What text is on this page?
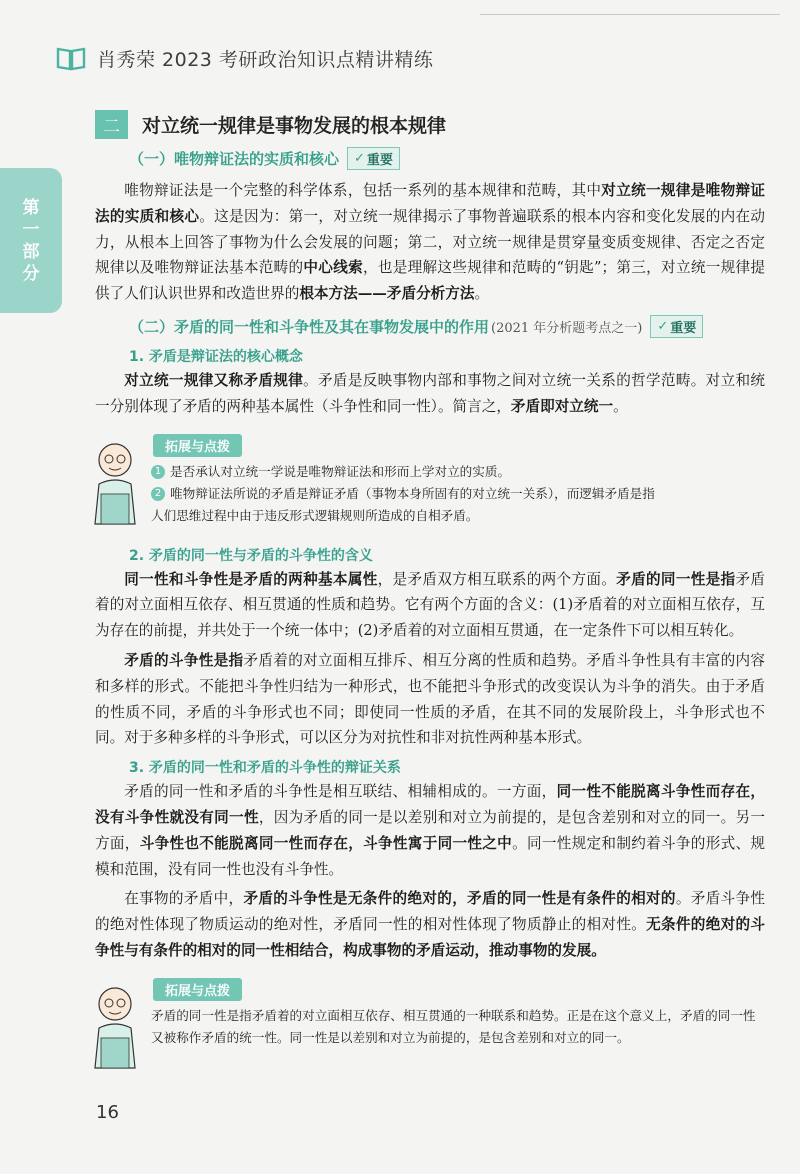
肖秀荣 2023 考研政治知识点精讲精练
第
一
部
分
二	对立统一规律是事物发展的根本规律
（一）唯物辩证法的实质和核心 ✓ 重要

唯物辩证法是一个完整的科学体系，包括一系列的基本规律和范畴，其中对立统一规律是唯物辩证法的实质和核心。这是因为：第一，对立统一规律揭示了事物普遍联系的根本内容和变化发展的内在动力，从根本上回答了事物为什么会发展的问题；第二，对立统一规律是贯穿量变质变规律、否定之否定规律以及唯物辩证法基本范畴的中心线索，也是理解这些规律和范畴的“钥匙”；第三，对立统一规律提供了人们认识世界和改造世界的根本方法——矛盾分析方法。

（二）矛盾的同一性和斗争性及其在事物发展中的作用 (2021 年分析题考点之一) ✓ 重要
1. 矛盾是辩证法的核心概念

对立统一规律又称矛盾规律。矛盾是反映事物内部和事物之间对立统一关系的哲学范畴。对立和统一分别体现了矛盾的两种基本属性（斗争性和同一性）。简言之，矛盾即对立统一。

拓展与点拨
1 是否承认对立统一学说是唯物辩证法和形而上学对立的实质。
2 唯物辩证法所说的矛盾是辩证矛盾（事物本身所固有的对立统一关系），而逻辑矛盾是指
人们思维过程中由于违反形式逻辑规则所造成的自相矛盾。
2. 矛盾的同一性与矛盾的斗争性的含义

同一性和斗争性是矛盾的两种基本属性，是矛盾双方相互联系的两个方面。矛盾的同一性是指矛盾着的对立面相互依存、相互贯通的性质和趋势。它有两个方面的含义：(1)矛盾着的对立面相互依存，互为存在的前提，并共处于一个统一体中；(2)矛盾着的对立面相互贯通，在一定条件下可以相互转化。

矛盾的斗争性是指矛盾着的对立面相互排斥、相互分离的性质和趋势。矛盾斗争性具有丰富的内容和多样的形式。不能把斗争性归结为一种形式，也不能把斗争形式的改变误认为斗争的消失。由于矛盾的性质不同，矛盾的斗争形式也不同；即使同一性质的矛盾，在其不同的发展阶段上，斗争形式也不同。对于多种多样的斗争形式，可以区分为对抗性和非对抗性两种基本形式。

3. 矛盾的同一性和矛盾的斗争性的辩证关系

矛盾的同一性和矛盾的斗争性是相互联结、相辅相成的。一方面，同一性不能脱离斗争性而存在，没有斗争性就没有同一性，因为矛盾的同一是以差别和对立为前提的，是包含差别和对立的同一。另一方面，斗争性也不能脱离同一性而存在，斗争性寓于同一性之中。同一性规定和制约着斗争的形式、规模和范围，没有同一性也没有斗争性。

在事物的矛盾中，矛盾的斗争性是无条件的绝对的，矛盾的同一性是有条件的相对的。矛盾斗争性的绝对性体现了物质运动的绝对性，矛盾同一性的相对性体现了物质静止的相对性。无条件的绝对的斗争性与有条件的相对的同一性相结合，构成事物的矛盾运动，推动事物的发展。

拓展与点拨
矛盾的同一性是指矛盾着的对立面相互依存、相互贯通的一种联系和趋势。正是在这个意义上，矛盾的同一性又被称作矛盾的统一性。同一性是以差别和对立为前提的，是包含差别和对立的同一。
16
